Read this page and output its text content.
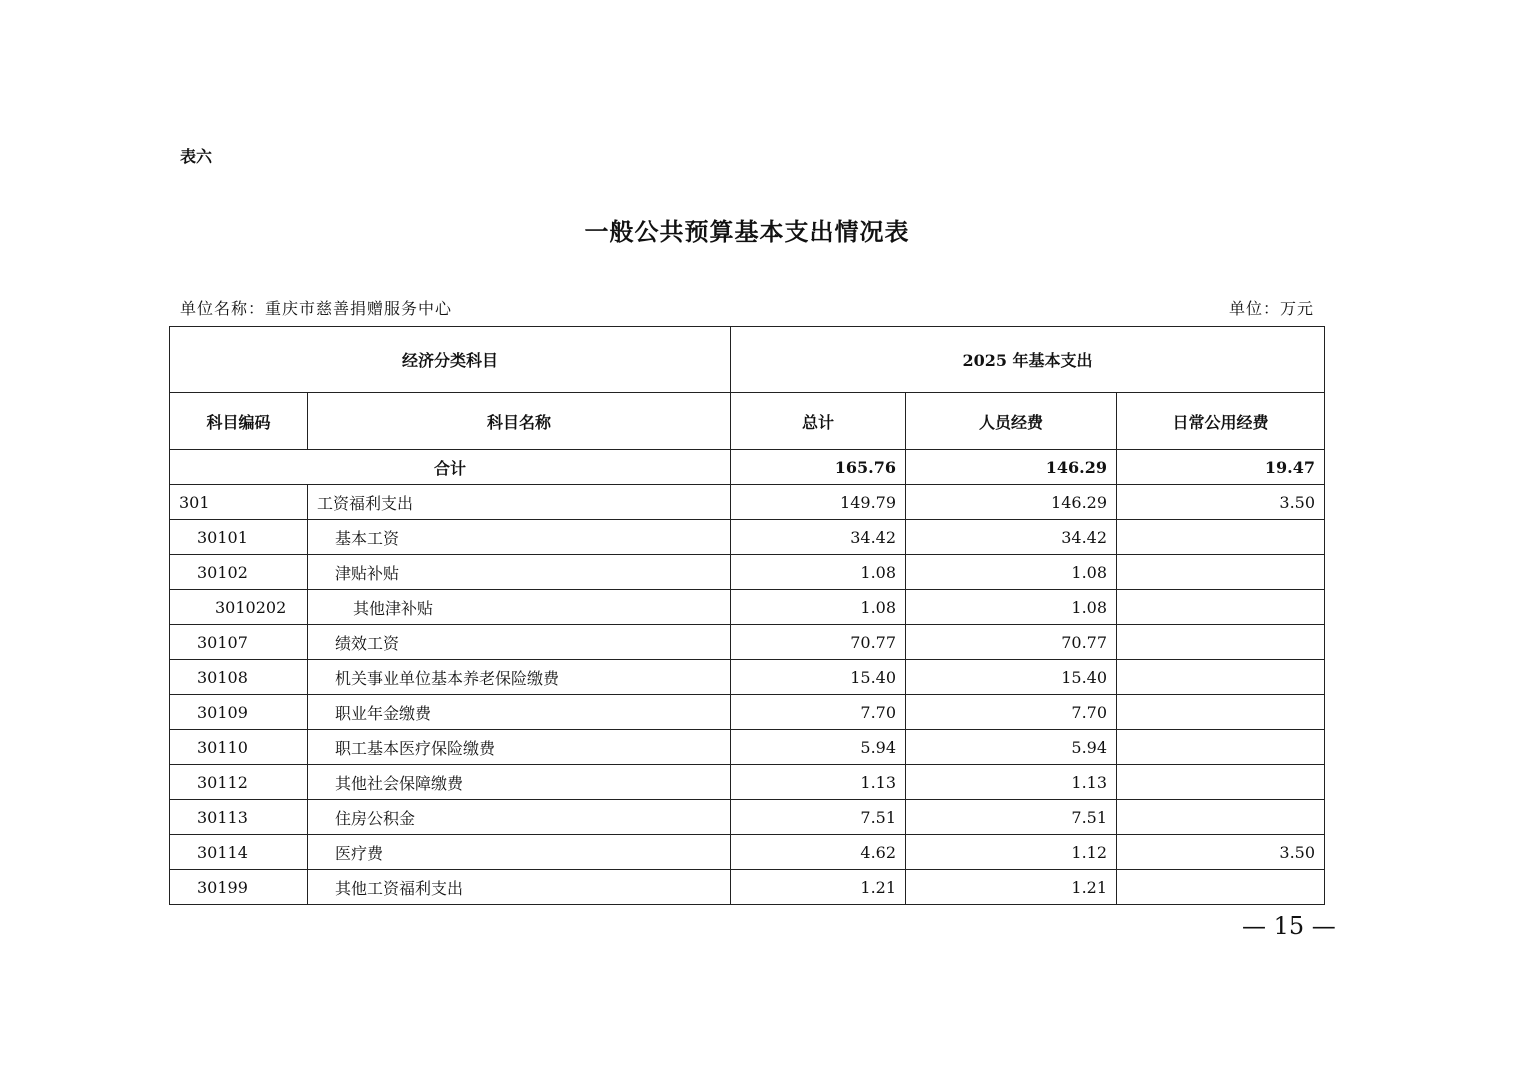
表六
一般公共预算基本支出情况表
单位名称：重庆市慈善捐赠服务中心	单位：万元
经济分类科目		2025 年基本支出		
科目编码	科目名称	总计	人员经费	日常公用经费
合计		165.76	146.29	19.47
301	工资福利支出	149.79	146.29	3.50
30101	基本工资	34.42	34.42	
30102	津贴补贴	1.08	1.08	
3010202	其他津补贴	1.08	1.08	
30107	绩效工资	70.77	70.77	
30108	机关事业单位基本养老保险缴费	15.40	15.40	
30109	职业年金缴费	7.70	7.70	
30110	职工基本医疗保险缴费	5.94	5.94	
30112	其他社会保障缴费	1.13	1.13	
30113	住房公积金	7.51	7.51	
30114	医疗费	4.62	1.12	3.50
30199	其他工资福利支出	1.21	1.21	
— 15 —
